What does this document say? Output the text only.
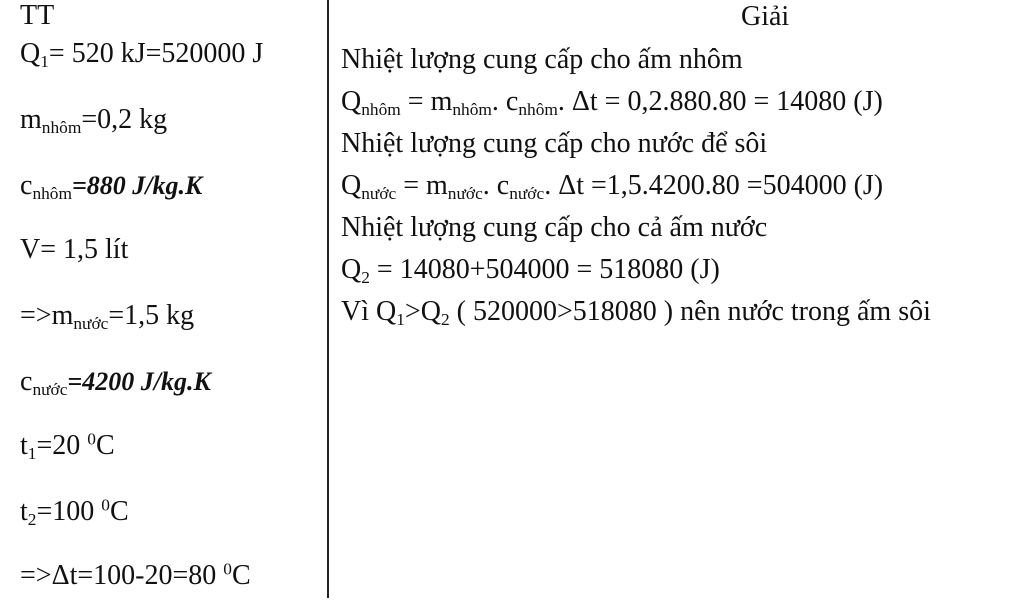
TT
$Q_1= 520$ kJ=520000 J
$m_{nhôm}=0,2$ kg
$c_{nhôm}=880$ J/kg.K
V= 1,5 lít
$=>m_{nước}=1,5$ kg
$c_{nước}=4200$ J/kg.K
$t_1=20$ $^0$C
$t_2=100$ $^0$C
=>Δt=100-20=80 $^0$C
Giải
Nhiệt lượng cung cấp cho ấm nhôm
$Q_{nhôm} = m_{nhôm}$. $c_{nhôm}$. Δt = 0,2.880.80 = 14080 (J)
Nhiệt lượng cung cấp cho nước để sôi
$Q_{nước} = m_{nước}$. $c_{nước}$. Δt =1,5.4200.80 =504000 (J)
Nhiệt lượng cung cấp cho cả ấm nước
$Q_2 = 14080+504000 = 518080$ (J)
Vì $Q_1>Q_2$ ( 520000>518080 ) nên nước trong ấm sôi
